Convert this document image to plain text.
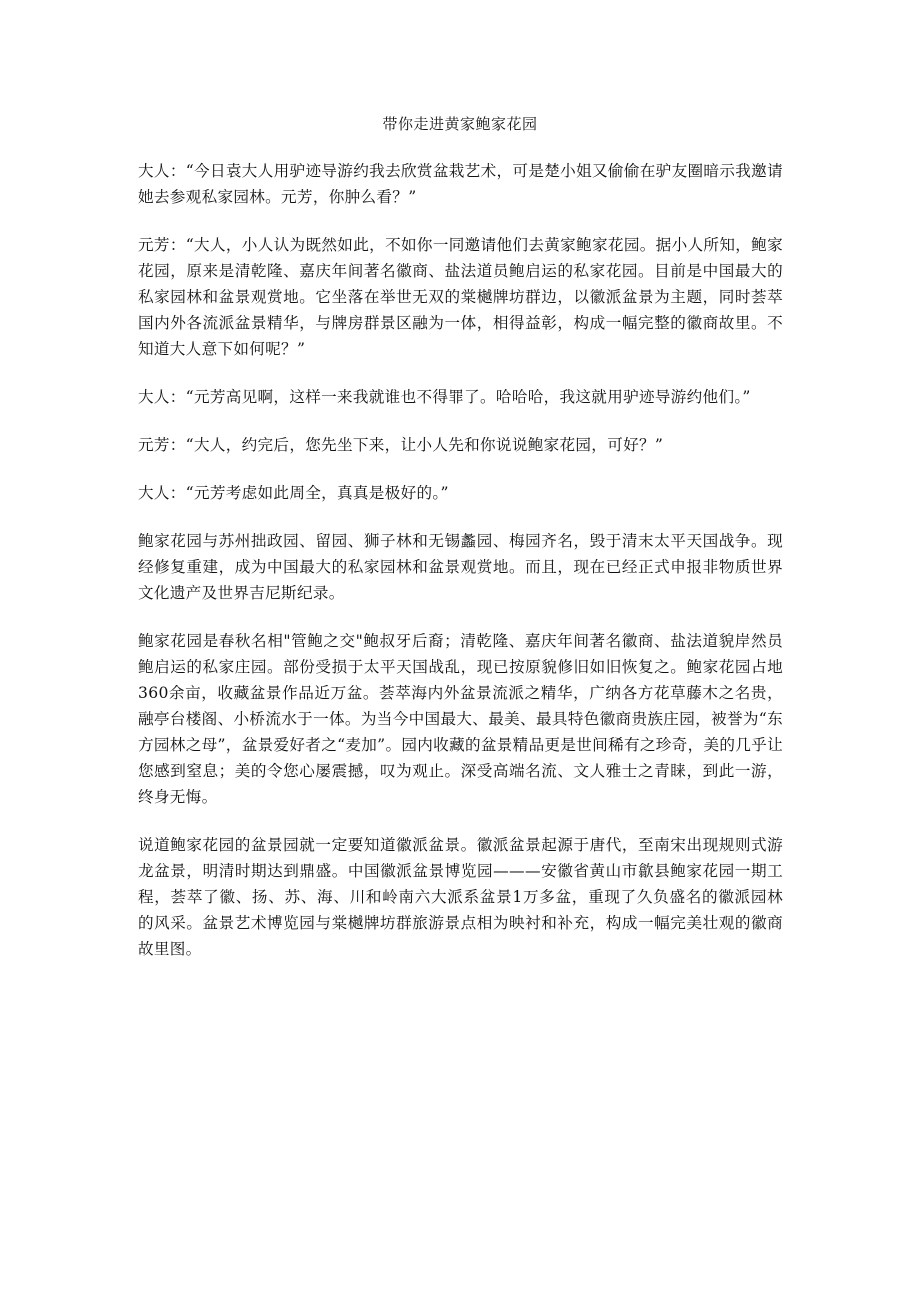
带你走进黄家鲍家花园

大人：“今日袁大人用驴迹导游约我去欣赏盆栽艺术，可是楚小姐又偷偷在驴友圈暗示我邀请她去参观私家园林。元芳，你肿么看？”

元芳：“大人，小人认为既然如此，不如你一同邀请他们去黄家鲍家花园。据小人所知，鲍家花园，原来是清乾隆、嘉庆年间著名徽商、盐法道员鲍启运的私家花园。目前是中国最大的私家园林和盆景观赏地。它坐落在举世无双的棠樾牌坊群边，以徽派盆景为主题，同时荟萃国内外各流派盆景精华，与牌房群景区融为一体，相得益彰，构成一幅完整的徽商故里。不知道大人意下如何呢？”

大人：“元芳高见啊，这样一来我就谁也不得罪了。哈哈哈，我这就用驴迹导游约他们。”

元芳：“大人，约完后，您先坐下来，让小人先和你说说鲍家花园，可好？”

大人：“元芳考虑如此周全，真真是极好的。”

鲍家花园与苏州拙政园、留园、狮子林和无锡蠡园、梅园齐名，毁于清末太平天国战争。现经修复重建，成为中国最大的私家园林和盆景观赏地。而且，现在已经正式申报非物质世界文化遗产及世界吉尼斯纪录。

鲍家花园是春秋名相"管鲍之交"鲍叔牙后裔；清乾隆、嘉庆年间著名徽商、盐法道貌岸然员鲍启运的私家庄园。部份受损于太平天国战乱，现已按原貌修旧如旧恢复之。鲍家花园占地360余亩，收藏盆景作品近万盆。荟萃海内外盆景流派之精华，广纳各方花草藤木之名贵，融亭台楼阁、小桥流水于一体。为当今中国最大、最美、最具特色徽商贵族庄园，被誉为“东方园林之母”，盆景爱好者之“麦加”。园内收藏的盆景精品更是世间稀有之珍奇，美的几乎让您感到窒息；美的令您心屡震撼，叹为观止。深受高端名流、文人雅士之青睐，到此一游，终身无悔。

说道鲍家花园的盆景园就一定要知道徽派盆景。徽派盆景起源于唐代，至南宋出现规则式游龙盆景，明清时期达到鼎盛。中国徽派盆景博览园———安徽省黄山市歙县鲍家花园一期工程，荟萃了徽、扬、苏、海、川和岭南六大派系盆景1万多盆，重现了久负盛名的徽派园林的风采。盆景艺术博览园与棠樾牌坊群旅游景点相为映衬和补充，构成一幅完美壮观的徽商故里图。
